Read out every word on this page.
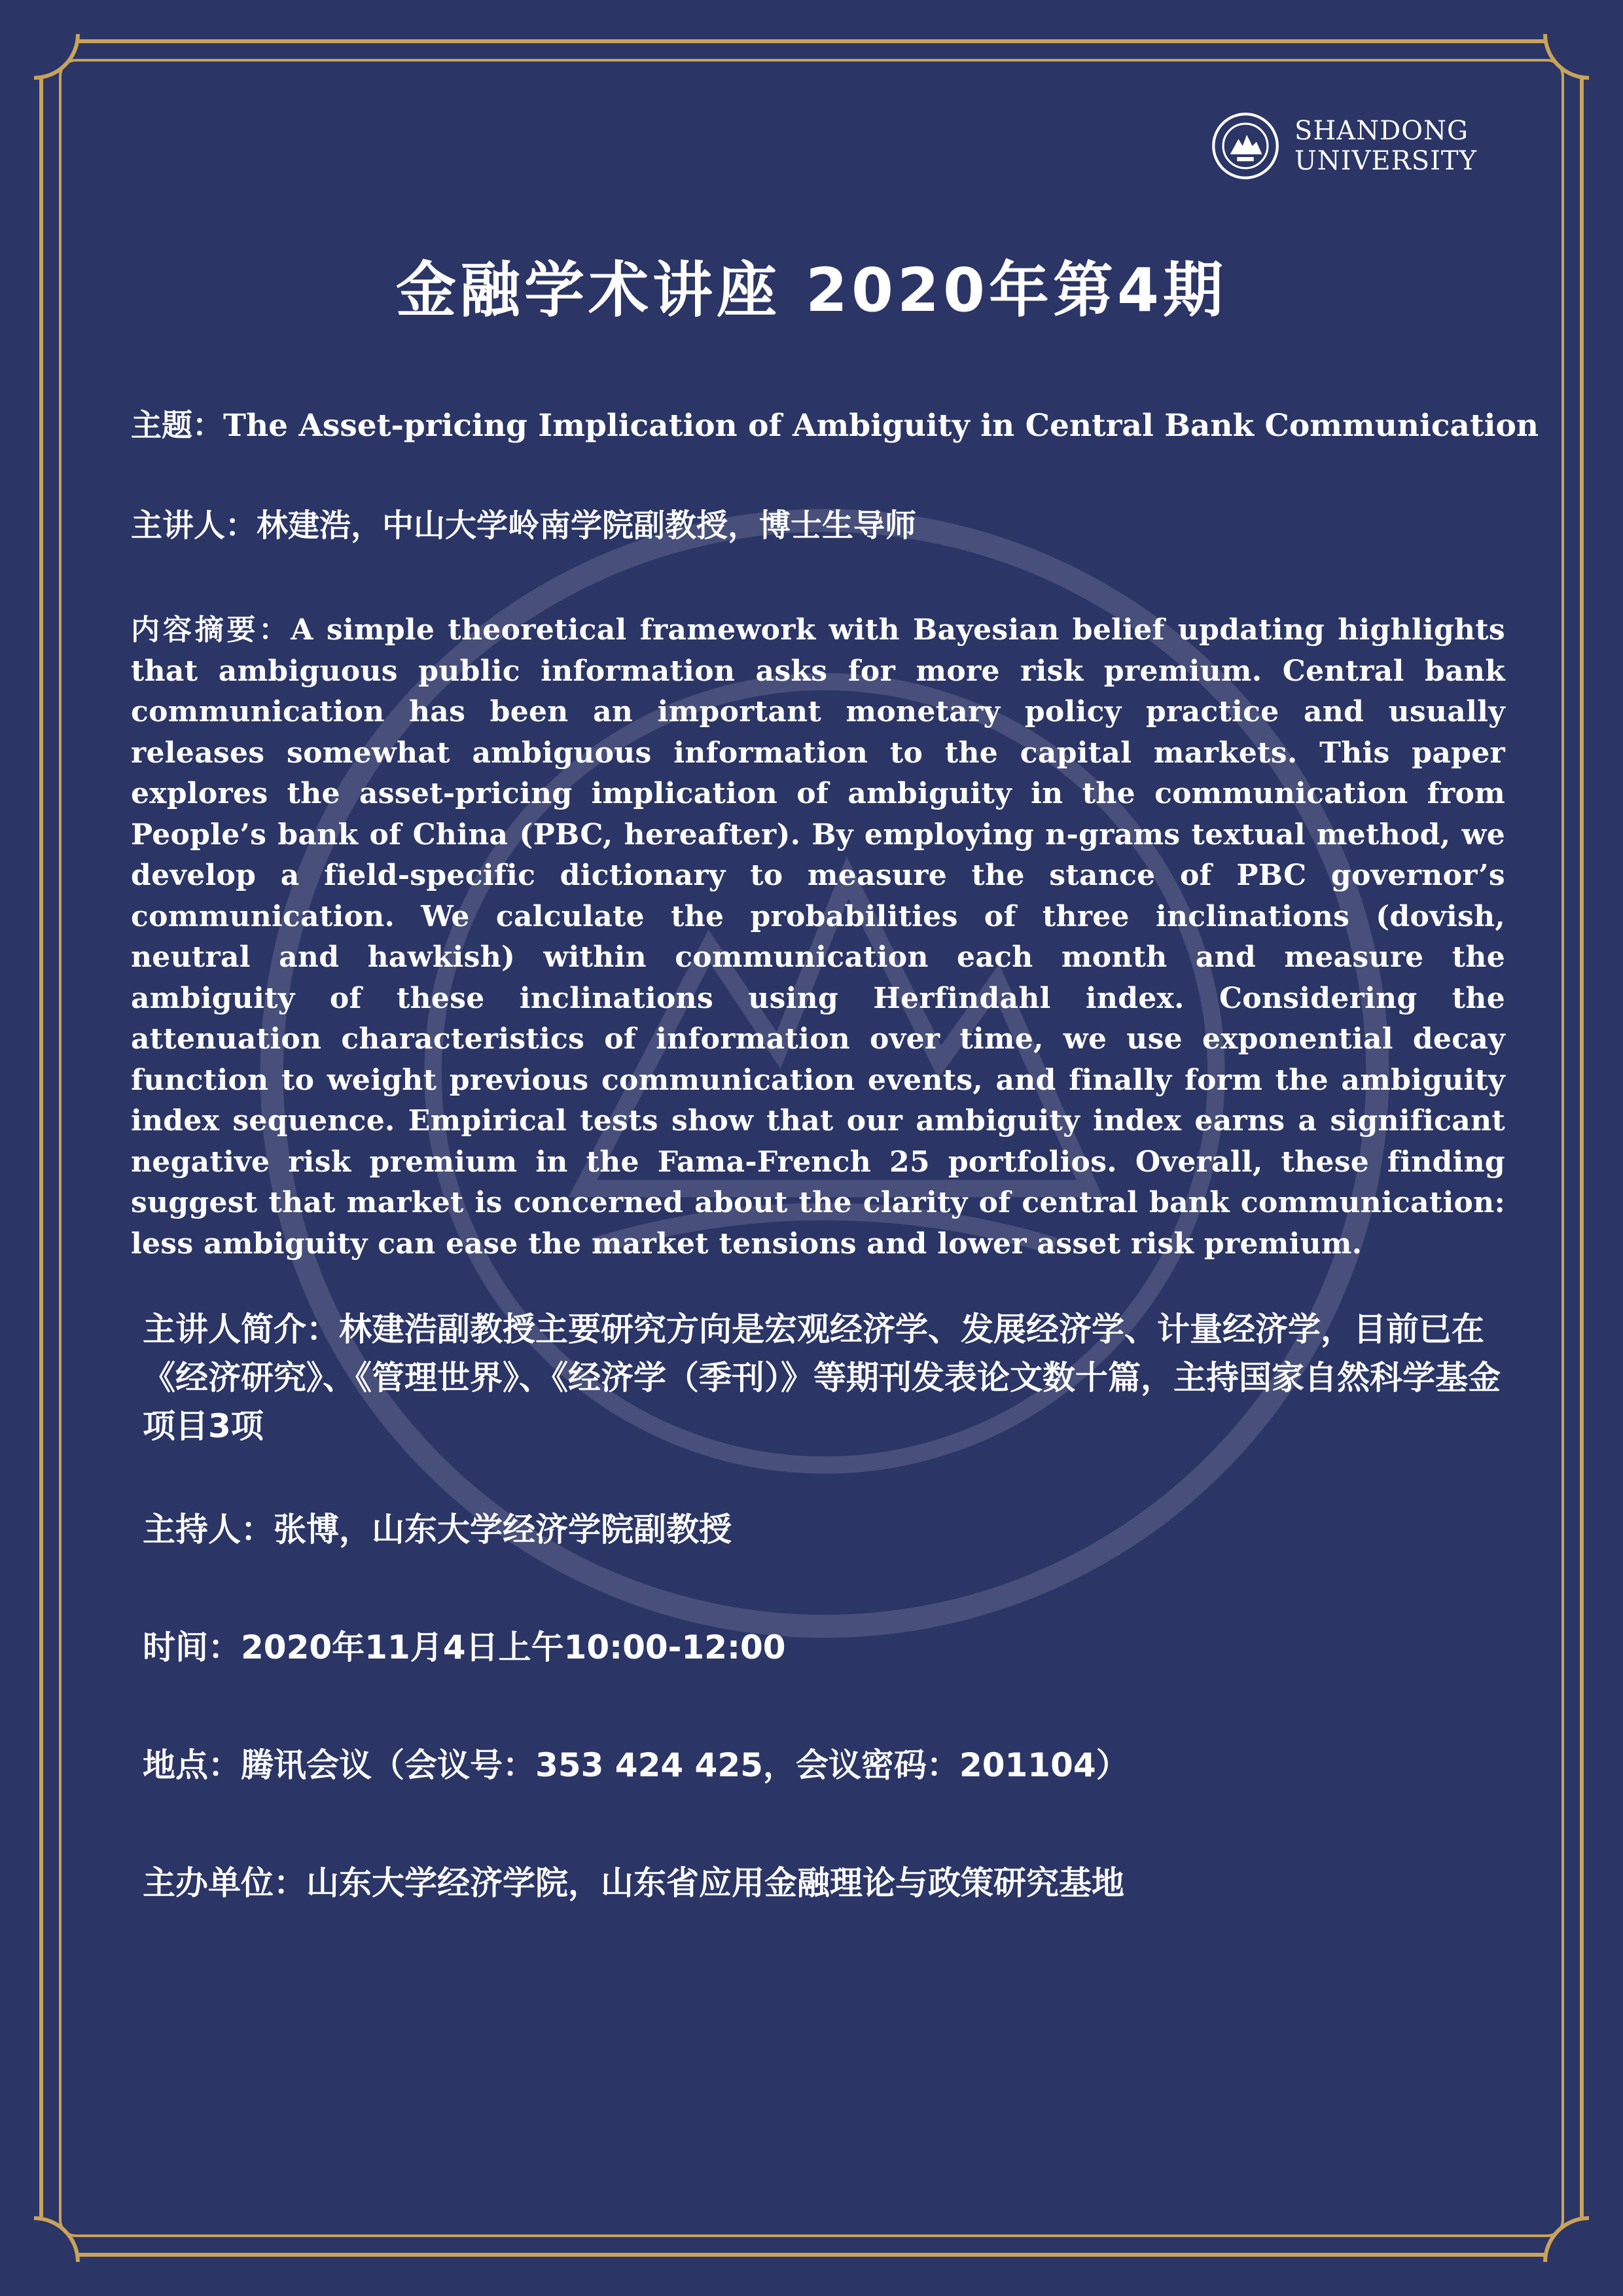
SHANDONG
UNIVERSITY
金融学术讲座 2020年第4期
主题：The Asset-pricing Implication of Ambiguity in Central Bank Communication
主讲人：林建浩，中山大学岭南学院副教授，博士生导师
内容摘要：A simple theoretical framework with Bayesian belief updating highlights that ambiguous public information asks for more risk premium. Central bank communication has been an important monetary policy practice and usually releases somewhat ambiguous information to the capital markets. This paper explores the asset-pricing implication of ambiguity in the communication from People’s bank of China (PBC, hereafter). By employing n-grams textual method, we develop a field-specific dictionary to measure the stance of PBC governor’s communication. We calculate the probabilities of three inclinations (dovish, neutral and hawkish) within communication each month and measure the ambiguity of these inclinations using Herfindahl index. Considering the attenuation characteristics of information over time, we use exponential decay function to weight previous communication events, and finally form the ambiguity index sequence. Empirical tests show that our ambiguity index earns a significant negative risk premium in the Fama-French 25 portfolios. Overall, these finding suggest that market is concerned about the clarity of central bank communication: less ambiguity can ease the market tensions and lower asset risk premium.
主讲人简介：林建浩副教授主要研究方向是宏观经济学、发展经济学、计量经济学，目前已在《经济研究》、《管理世界》、《经济学（季刊）》等期刊发表论文数十篇，主持国家自然科学基金项目3项
主持人：张博，山东大学经济学院副教授
时间：2020年11月4日上午10:00-12:00
地点：腾讯会议（会议号：353 424 425，会议密码：201104）
主办单位：山东大学经济学院，山东省应用金融理论与政策研究基地
